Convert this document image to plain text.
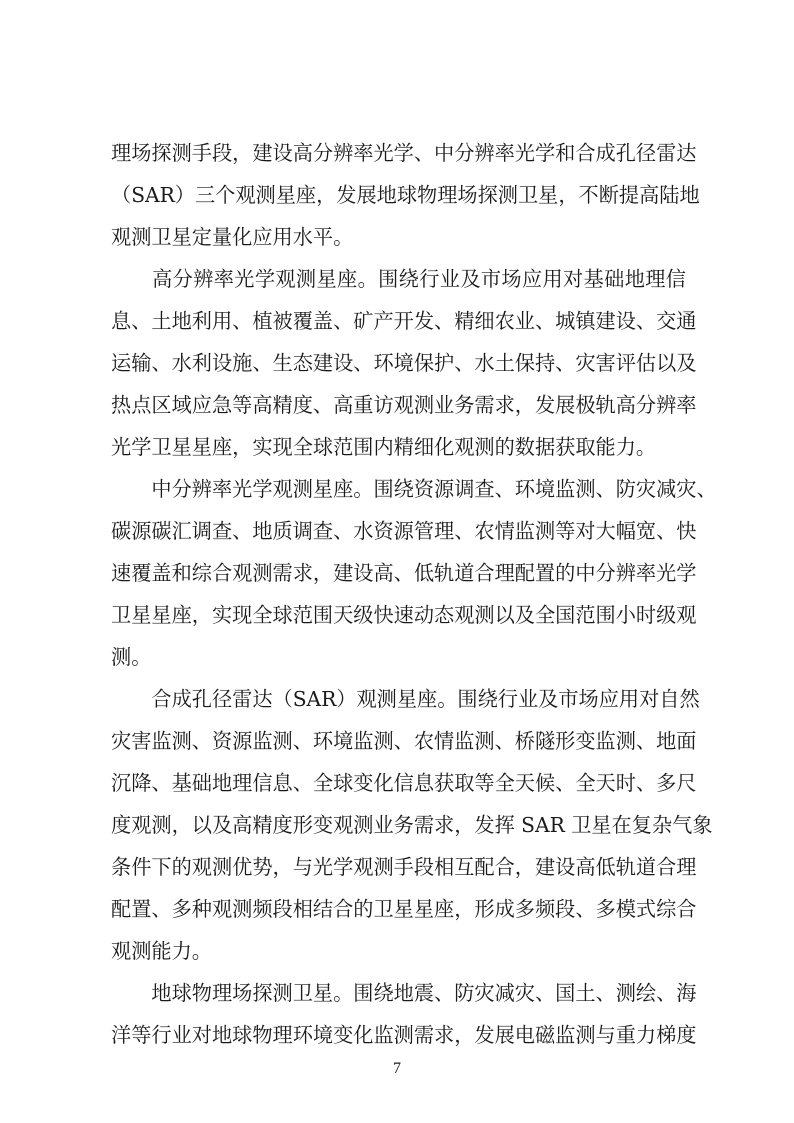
理场探测手段，建设高分辨率光学、中分辨率光学和合成孔径雷达
（SAR）三个观测星座，发展地球物理场探测卫星，不断提高陆地
观测卫星定量化应用水平。
　　高分辨率光学观测星座。围绕行业及市场应用对基础地理信
息、土地利用、植被覆盖、矿产开发、精细农业、城镇建设、交通
运输、水利设施、生态建设、环境保护、水土保持、灾害评估以及
热点区域应急等高精度、高重访观测业务需求，发展极轨高分辨率
光学卫星星座，实现全球范围内精细化观测的数据获取能力。
　　中分辨率光学观测星座。围绕资源调查、环境监测、防灾减灾、
碳源碳汇调查、地质调查、水资源管理、农情监测等对大幅宽、快
速覆盖和综合观测需求，建设高、低轨道合理配置的中分辨率光学
卫星星座，实现全球范围天级快速动态观测以及全国范围小时级观
测。
　　合成孔径雷达（SAR）观测星座。围绕行业及市场应用对自然
灾害监测、资源监测、环境监测、农情监测、桥隧形变监测、地面
沉降、基础地理信息、全球变化信息获取等全天候、全天时、多尺
度观测，以及高精度形变观测业务需求，发挥 SAR 卫星在复杂气象
条件下的观测优势，与光学观测手段相互配合，建设高低轨道合理
配置、多种观测频段相结合的卫星星座，形成多频段、多模式综合
观测能力。
　　地球物理场探测卫星。围绕地震、防灾减灾、国土、测绘、海
洋等行业对地球物理环境变化监测需求，发展电磁监测与重力梯度
7
